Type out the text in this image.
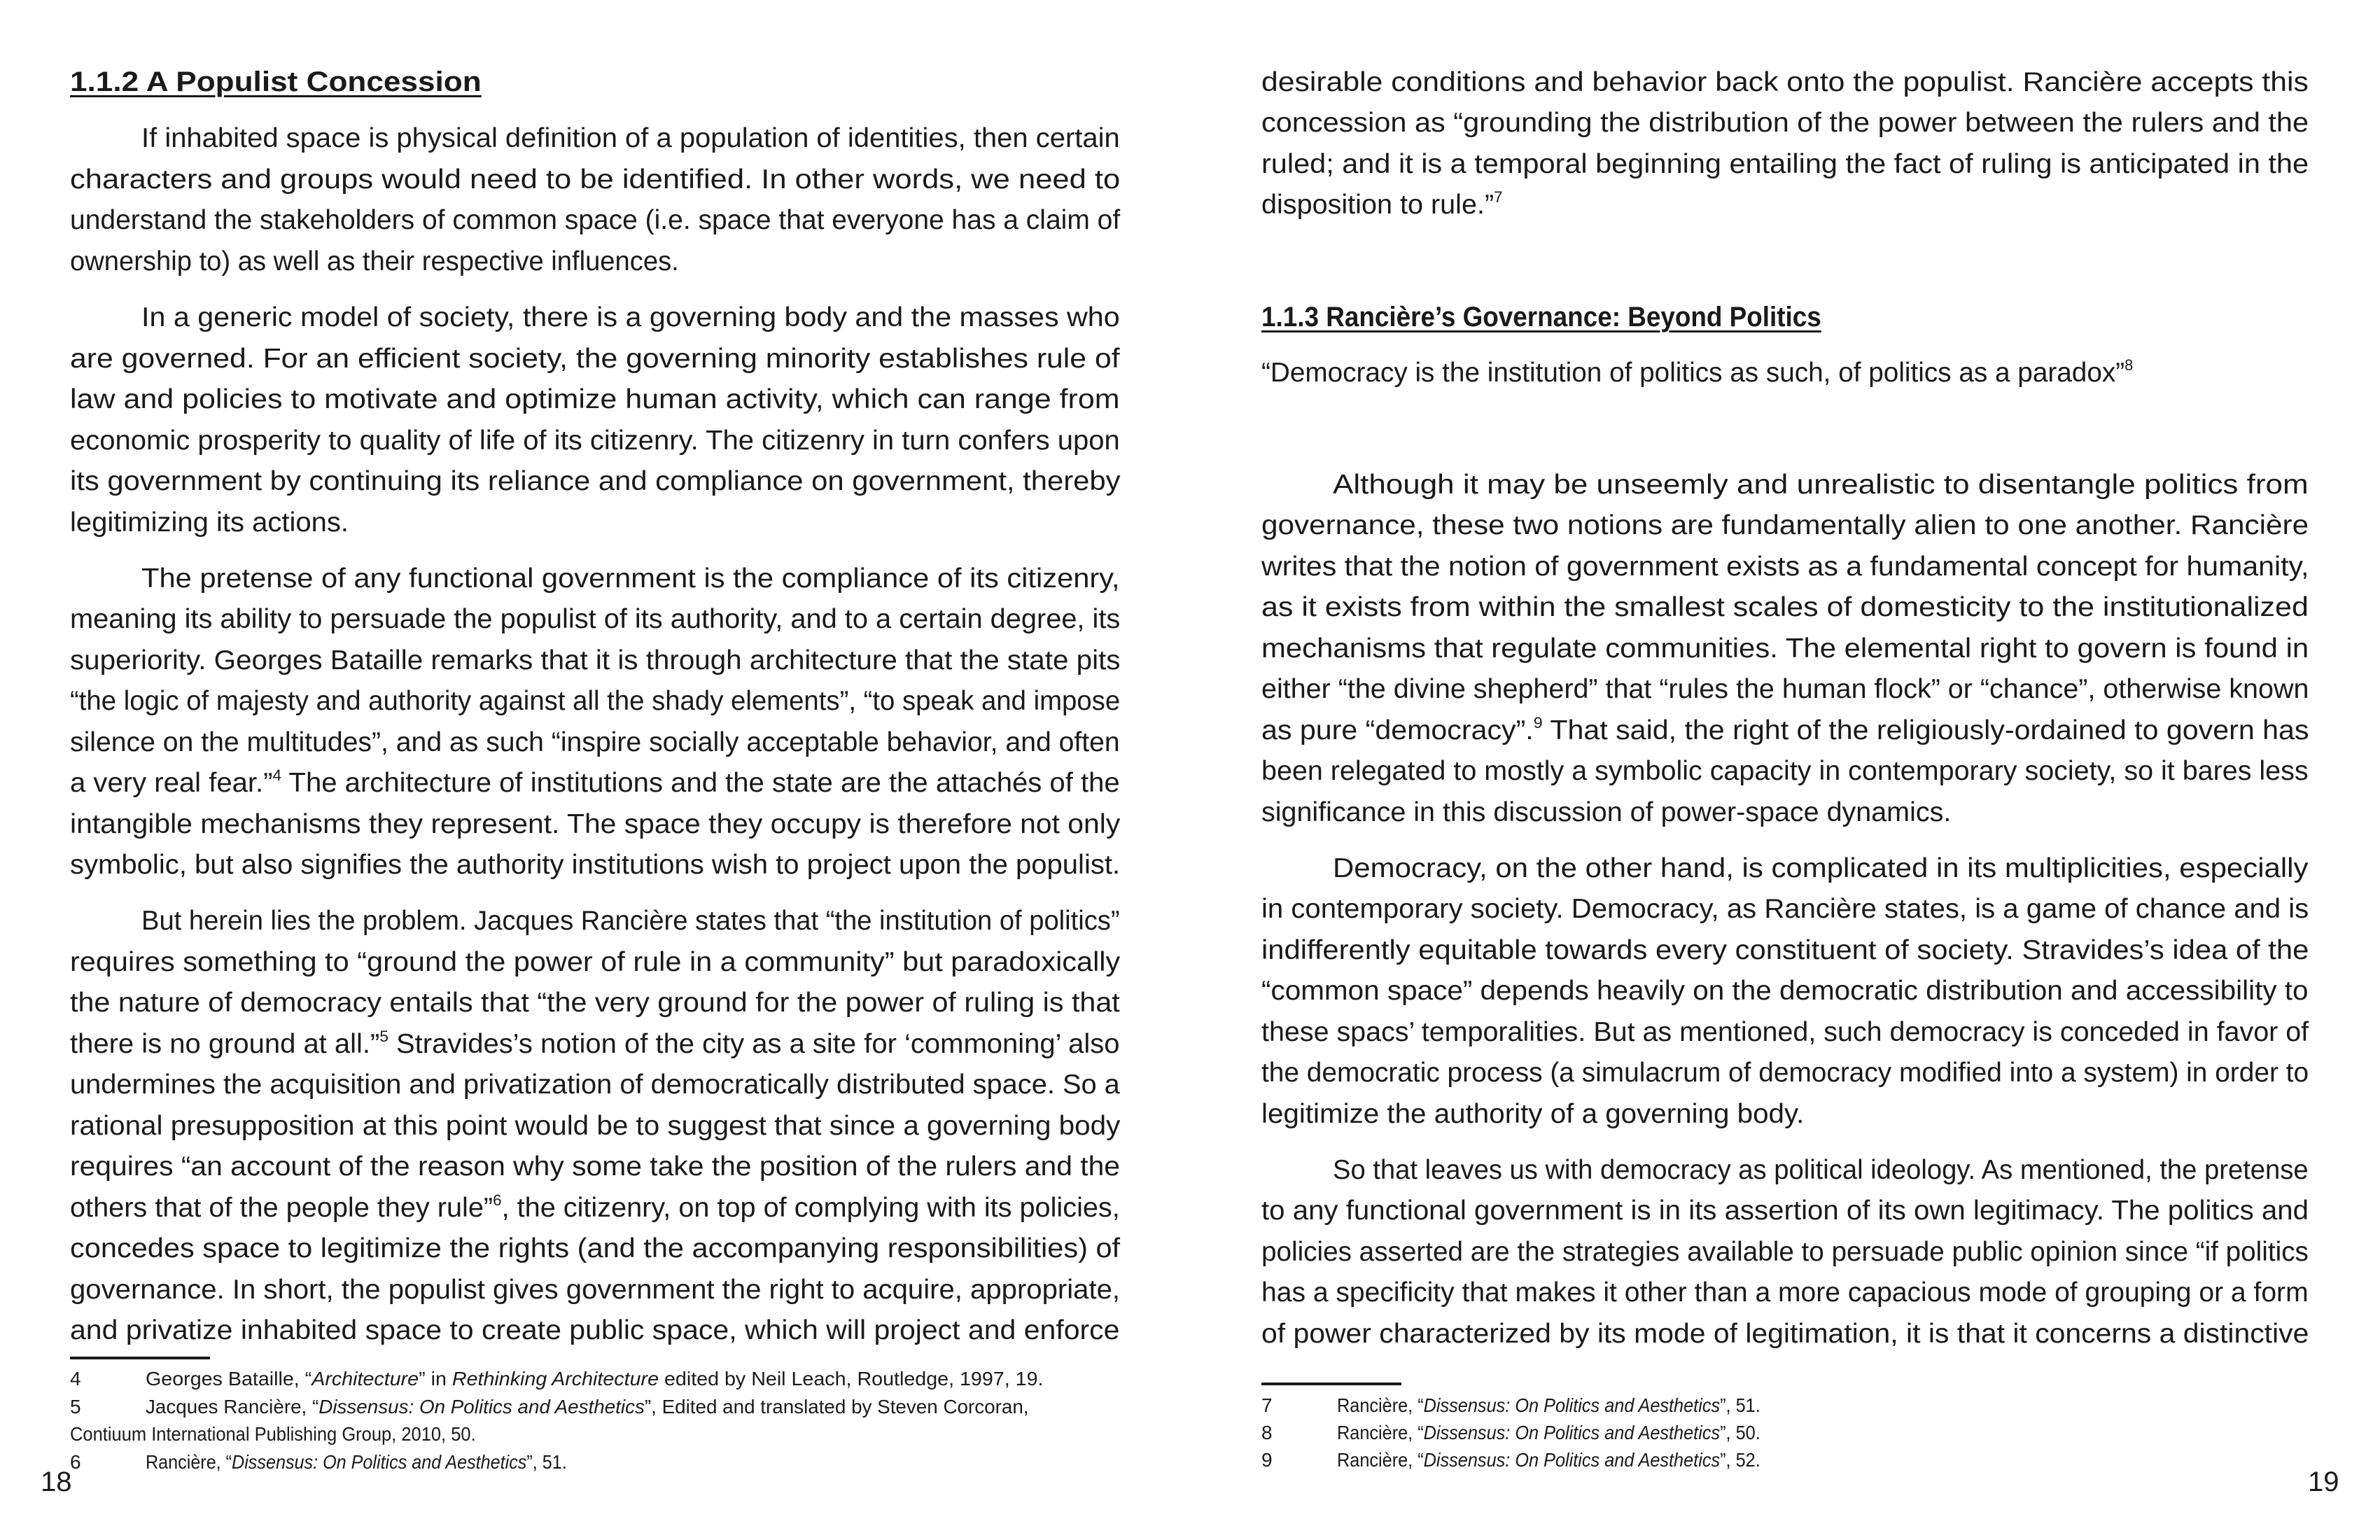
1.1.2 A Populist Concession
If inhabited space is physical definition of a population of identities, then certain
characters and groups would need to be identified. In other words, we need to
understand the stakeholders of common space (i.e. space that everyone has a claim of
ownership to) as well as their respective influences.
In a generic model of society, there is a governing body and the masses who
are governed. For an efficient society, the governing minority establishes rule of
law and policies to motivate and optimize human activity, which can range from
economic prosperity to quality of life of its citizenry. The citizenry in turn confers upon
its government by continuing its reliance and compliance on government, thereby
legitimizing its actions.
The pretense of any functional government is the compliance of its citizenry,
meaning its ability to persuade the populist of its authority, and to a certain degree, its
superiority. Georges Bataille remarks that it is through architecture that the state pits
“the logic of majesty and authority against all the shady elements”, “to speak and impose
silence on the multitudes”, and as such “inspire socially acceptable behavior, and often
a very real fear.”$^4$ The architecture of institutions and the state are the attachés of the
intangible mechanisms they represent. The space they occupy is therefore not only
symbolic, but also signifies the authority institutions wish to project upon the populist.
But herein lies the problem. Jacques Rancière states that “the institution of politics”
requires something to “ground the power of rule in a community” but paradoxically
the nature of democracy entails that “the very ground for the power of ruling is that
there is no ground at all.”$^5$ Stravides’s notion of the city as a site for ‘commoning’ also
undermines the acquisition and privatization of democratically distributed space. So a
rational presupposition at this point would be to suggest that since a governing body
requires “an account of the reason why some take the position of the rulers and the
others that of the people they rule”$^6$, the citizenry, on top of complying with its policies,
concedes space to legitimize the rights (and the accompanying responsibilities) of
governance. In short, the populist gives government the right to acquire, appropriate,
and privatize inhabited space to create public space, which will project and enforce
4	Georges Bataille, “Architecture” in Rethinking Architecture edited by Neil Leach, Routledge, 1997, 19.
5	Jacques Rancière, “Dissensus: On Politics and Aesthetics”, Edited and translated by Steven Corcoran,
Contiuum International Publishing Group, 2010, 50.
6	Rancière, “Dissensus: On Politics and Aesthetics”, 51.
18
desirable conditions and behavior back onto the populist. Rancière accepts this
concession as “grounding the distribution of the power between the rulers and the
ruled; and it is a temporal beginning entailing the fact of ruling is anticipated in the
disposition to rule.”$^7$
1.1.3 Rancière’s Governance: Beyond Politics
“Democracy is the institution of politics as such, of politics as a paradox”$^8$
Although it may be unseemly and unrealistic to disentangle politics from
governance, these two notions are fundamentally alien to one another. Rancière
writes that the notion of government exists as a fundamental concept for humanity,
as it exists from within the smallest scales of domesticity to the institutionalized
mechanisms that regulate communities. The elemental right to govern is found in
either “the divine shepherd” that “rules the human flock” or “chance”, otherwise known
as pure “democracy”.$^9$ That said, the right of the religiously-ordained to govern has
been relegated to mostly a symbolic capacity in contemporary society, so it bares less
significance in this discussion of power-space dynamics.
Democracy, on the other hand, is complicated in its multiplicities, especially
in contemporary society. Democracy, as Rancière states, is a game of chance and is
indifferently equitable towards every constituent of society. Stravides’s idea of the
“common space” depends heavily on the democratic distribution and accessibility to
these spacs’ temporalities. But as mentioned, such democracy is conceded in favor of
the democratic process (a simulacrum of democracy modified into a system) in order to
legitimize the authority of a governing body.
So that leaves us with democracy as political ideology. As mentioned, the pretense
to any functional government is in its assertion of its own legitimacy. The politics and
policies asserted are the strategies available to persuade public opinion since “if politics
has a specificity that makes it other than a more capacious mode of grouping or a form
of power characterized by its mode of legitimation, it is that it concerns a distinctive
7	Rancière, “Dissensus: On Politics and Aesthetics”, 51.
8	Rancière, “Dissensus: On Politics and Aesthetics”, 50.
9	Rancière, “Dissensus: On Politics and Aesthetics”, 52.
19
